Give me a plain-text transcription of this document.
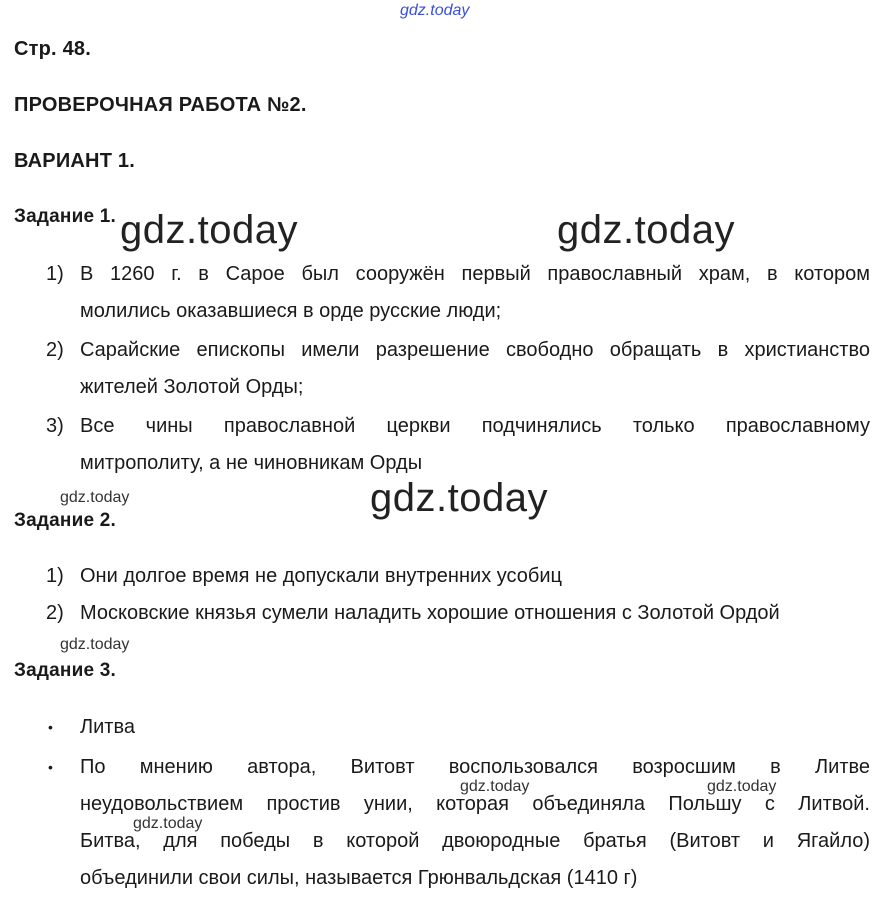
gdz.today
gdz.today	gdz.today
gdz.today
gdz.today
gdz.today
gdz.today	gdz.today
gdz.today
Стр. 48.
ПРОВЕРОЧНАЯ РАБОТА №2.
ВАРИАНТ 1.
Задание 1.
1) В 1260 г. в Сарое был сооружён первый православный храм, в котором
молились оказавшиеся в орде русские люди;
2) Сарайские епископы имели разрешение свободно обращать в христианство
жителей Золотой Орды;
3) Все чины православной церкви подчинялись только православному
митрополиту, а не чиновникам Орды
Задание 2.
1) Они долгое время не допускали внутренних усобиц
2) Московские князья сумели наладить хорошие отношения с Золотой Ордой
Задание 3.
• Литва
• По мнению автора, Витовт воспользовался возросшим в Литве
неудовольствием простив унии, которая объединяла Польшу с Литвой.
Битва, для победы в которой двоюродные братья (Витовт и Ягайло)
объединили свои силы, называется Грюнвальдская (1410 г)
